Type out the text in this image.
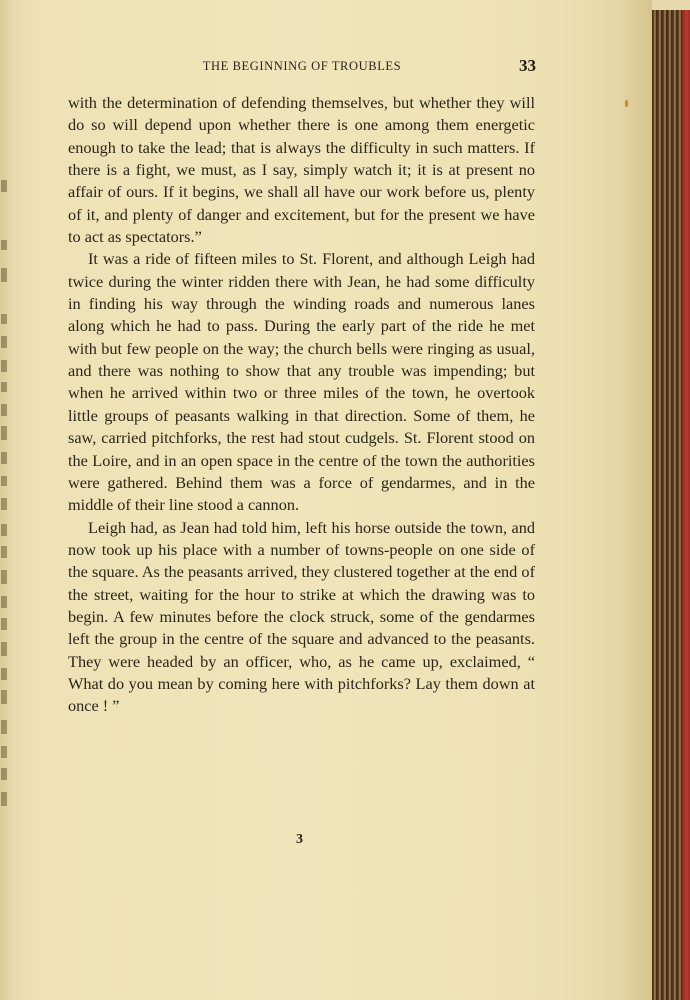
THE BEGINNING OF TROUBLES	33

with the determination of defending themselves, but whether they will do so will depend upon whether there is one among them energetic enough to take the lead; that is always the difficulty in such matters. If there is a fight, we must, as I say, simply watch it; it is at present no affair of ours. If it begins, we shall all have our work before us, plenty of it, and plenty of danger and excitement, but for the present we have to act as spectators.”

It was a ride of fifteen miles to St. Florent, and although Leigh had twice during the winter ridden there with Jean, he had some difficulty in finding his way through the winding roads and numerous lanes along which he had to pass. During the early part of the ride he met with but few people on the way; the church bells were ringing as usual, and there was nothing to show that any trouble was impending; but when he arrived within two or three miles of the town, he overtook little groups of peasants walking in that direction. Some of them, he saw, carried pitchforks, the rest had stout cudgels. St. Florent stood on the Loire, and in an open space in the centre of the town the authorities were gathered. Behind them was a force of gendarmes, and in the middle of their line stood a cannon.

Leigh had, as Jean had told him, left his horse outside the town, and now took up his place with a number of towns-people on one side of the square. As the peasants arrived, they clustered together at the end of the street, waiting for the hour to strike at which the drawing was to begin. A few minutes before the clock struck, some of the gendarmes left the group in the centre of the square and advanced to the peasants. They were headed by an officer, who, as he came up, exclaimed, “ What do you mean by coming here with pitchforks? Lay them down at once ! ”

3
